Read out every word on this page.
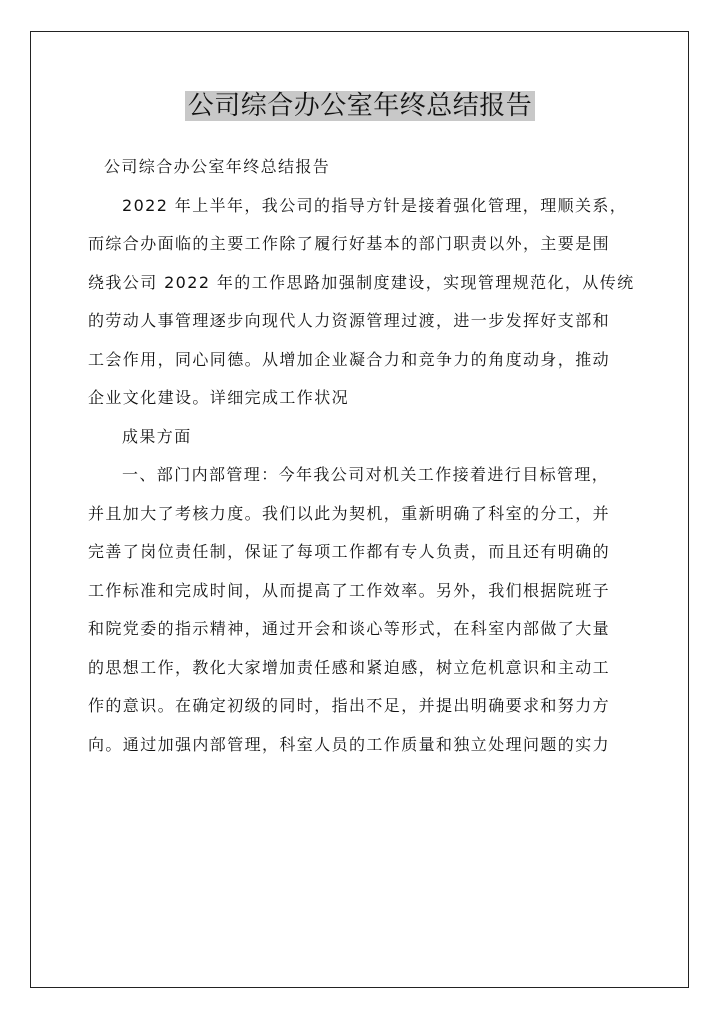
公司综合办公室年终总结报告
公司综合办公室年终总结报告
2022 年上半年，我公司的指导方针是接着强化管理，理顺关系，
而综合办面临的主要工作除了履行好基本的部门职责以外，主要是围
绕我公司 2022 年的工作思路加强制度建设，实现管理规范化，从传统
的劳动人事管理逐步向现代人力资源管理过渡，进一步发挥好支部和
工会作用，同心同德。从增加企业凝合力和竞争力的角度动身，推动
企业文化建设。详细完成工作状况
成果方面
一、部门内部管理：今年我公司对机关工作接着进行目标管理，
并且加大了考核力度。我们以此为契机，重新明确了科室的分工，并
完善了岗位责任制，保证了每项工作都有专人负责，而且还有明确的
工作标准和完成时间，从而提高了工作效率。另外，我们根据院班子
和院党委的指示精神，通过开会和谈心等形式，在科室内部做了大量
的思想工作，教化大家增加责任感和紧迫感，树立危机意识和主动工
作的意识。在确定初级的同时，指出不足，并提出明确要求和努力方
向。通过加强内部管理，科室人员的工作质量和独立处理问题的实力
